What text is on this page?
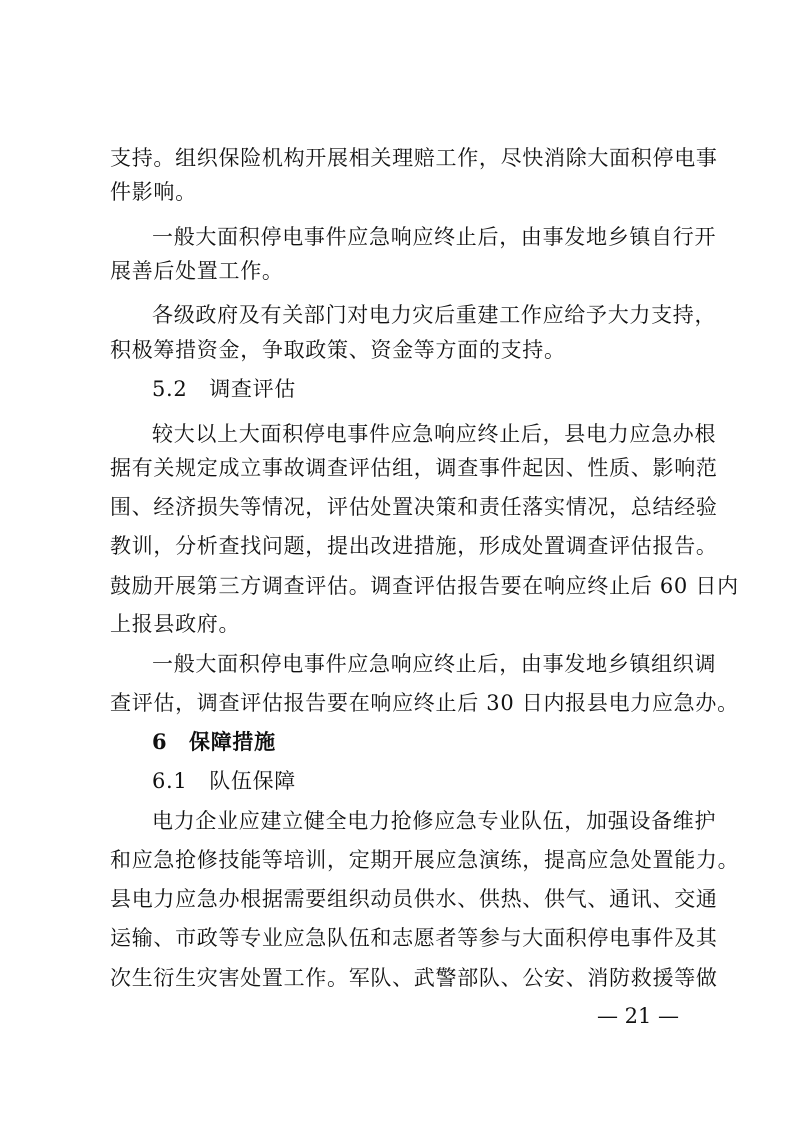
支持。组织保险机构开展相关理赔工作，尽快消除大面积停电事
件影响。
一般大面积停电事件应急响应终止后，由事发地乡镇自行开
展善后处置工作。
各级政府及有关部门对电力灾后重建工作应给予大力支持，
积极筹措资金，争取政策、资金等方面的支持。
5.2　调查评估
较大以上大面积停电事件应急响应终止后，县电力应急办根
据有关规定成立事故调查评估组，调查事件起因、性质、影响范
围、经济损失等情况，评估处置决策和责任落实情况，总结经验
教训，分析查找问题，提出改进措施，形成处置调查评估报告。
鼓励开展第三方调查评估。调查评估报告要在响应终止后 60 日内
上报县政府。
一般大面积停电事件应急响应终止后，由事发地乡镇组织调
查评估，调查评估报告要在响应终止后 30 日内报县电力应急办。
6　保障措施
6.1　队伍保障
电力企业应建立健全电力抢修应急专业队伍，加强设备维护
和应急抢修技能等培训，定期开展应急演练，提高应急处置能力。
县电力应急办根据需要组织动员供水、供热、供气、通讯、交通
运输、市政等专业应急队伍和志愿者等参与大面积停电事件及其
次生衍生灾害处置工作。军队、武警部队、公安、消防救援等做
— 21 —
